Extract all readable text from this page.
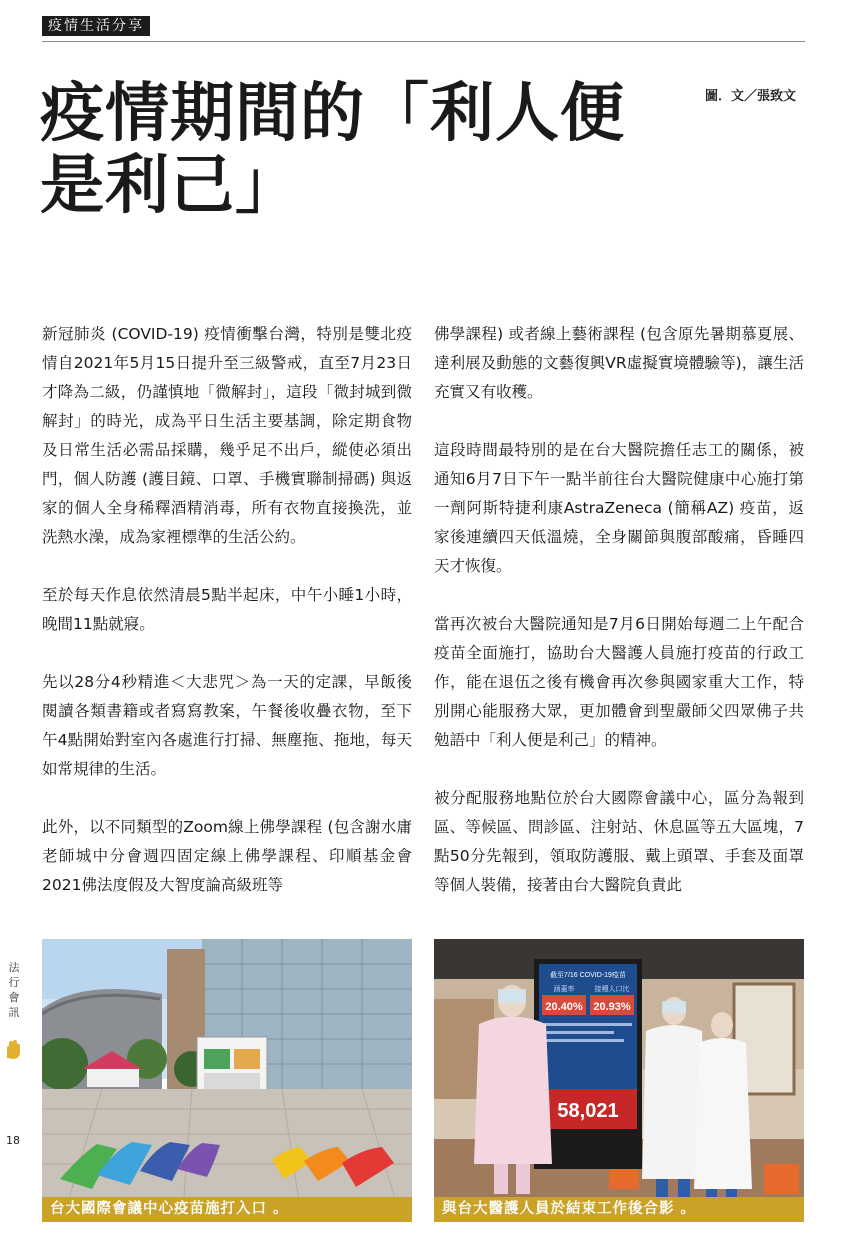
疫情生活分享
疫情期間的「利人便
是利己」
圖．文／張致文

新冠肺炎 (COVID-19) 疫情衝擊台灣，特別是雙北疫情自2021年5月15日提升至三級警戒，直至7月23日才降為二級，仍謹慎地「微解封」，這段「微封城到微解封」的時光，成為平日生活主要基調，除定期食物及日常生活必需品採購，幾乎足不出戶，縱使必須出門，個人防護 (護目鏡、口罩、手機實聯制掃碼) 與返家的個人全身稀釋酒精消毒，所有衣物直接換洗，並洗熱水澡，成為家裡標準的生活公約。

至於每天作息依然清晨5點半起床，中午小睡1小時，晚間11點就寢。

先以28分4秒精進＜大悲咒＞為一天的定課，早飯後閱讀各類書籍或者寫寫教案，午餐後收疊衣物，至下午4點開始對室內各處進行打掃、無塵拖、拖地，每天如常規律的生活。

此外，以不同類型的Zoom線上佛學課程 (包含謝水庸老師城中分會週四固定線上佛學課程、印順基金會2021佛法度假及大智度論高級班等

佛學課程) 或者線上藝術課程 (包含原先暑期慕夏展、達利展及動態的文藝復興VR虛擬實境體驗等)，讓生活充實又有收穫。

這段時間最特別的是在台大醫院擔任志工的關係，被通知6月7日下午一點半前往台大醫院健康中心施打第一劑阿斯特捷利康AstraZeneca (簡稱AZ) 疫苗，返家後連續四天低溫燒，全身關節與腹部酸痛，昏睡四天才恢復。

當再次被台大醫院通知是7月6日開始每週二上午配合疫苗全面施打，協助台大醫護人員施打疫苗的行政工作，能在退伍之後有機會再次參與國家重大工作，特別開心能服務大眾，更加體會到聖嚴師父四眾佛子共勉語中「利人便是利己」的精神。

被分配服務地點位於台大國際會議中心，區分為報到區、等候區、問診區、注射站、休息區等五大區塊，7點50分先報到，領取防護服、戴上頭罩、手套及面罩等個人裝備，接著由台大醫院負責此

台大國際會議中心疫苗施打入口 。
截至7/16 COVID-19疫苗
涵蓋率	接種人口比
20.40% 20.93%
58,021
與台大醫護人員於結束工作後合影 。
法
行
會
訊
18
